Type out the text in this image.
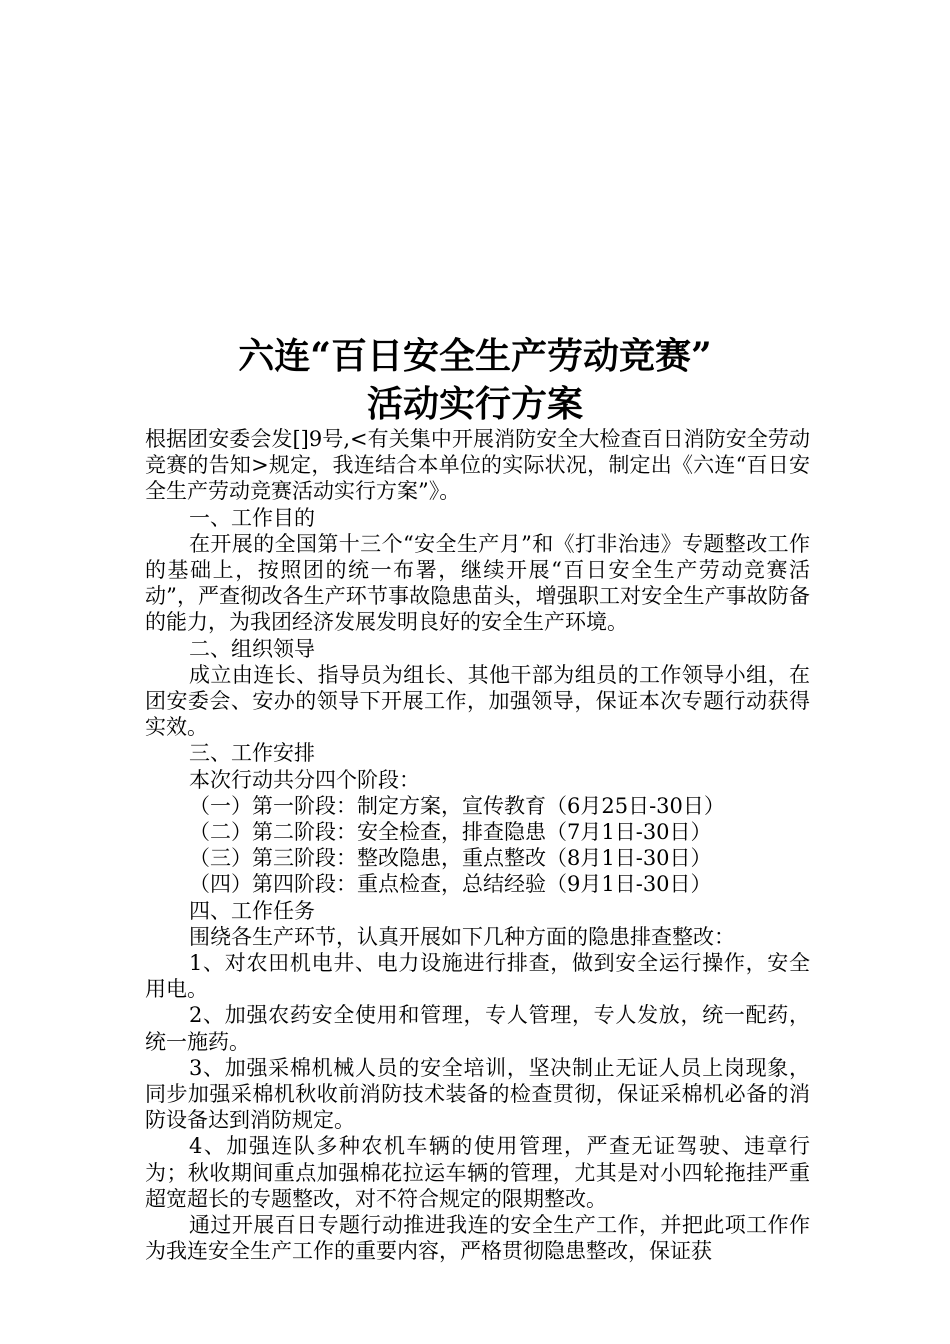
六连“百日安全生产劳动竞赛”
活动实行方案

根据团安委会发[]9号,<有关集中开展消防安全大检查百日消防安全劳动竞赛的告知>规定，我连结合本单位的实际状况，制定出《六连“百日安全生产劳动竞赛活动实行方案”》。

一、工作目的

在开展的全国第十三个“安全生产月”和《打非治违》专题整改工作的基础上，按照团的统一布署，继续开展“百日安全生产劳动竞赛活动”，严查彻改各生产环节事故隐患苗头，增强职工对安全生产事故防备的能力，为我团经济发展发明良好的安全生产环境。

二、组织领导

成立由连长、指导员为组长、其他干部为组员的工作领导小组，在团安委会、安办的领导下开展工作，加强领导，保证本次专题行动获得实效。

三、工作安排

本次行动共分四个阶段：

（一）第一阶段：制定方案，宣传教育（6月25日-30日）

（二）第二阶段：安全检查，排查隐患（7月1日-30日）

（三）第三阶段：整改隐患，重点整改（8月1日-30日）

（四）第四阶段：重点检查，总结经验（9月1日-30日）

四、工作任务

围绕各生产环节，认真开展如下几种方面的隐患排查整改：

1、对农田机电井、电力设施进行排查，做到安全运行操作，安全用电。

2、加强农药安全使用和管理，专人管理，专人发放，统一配药，统一施药。

3、加强采棉机械人员的安全培训，坚决制止无证人员上岗现象，同步加强采棉机秋收前消防技术装备的检查贯彻，保证采棉机必备的消防设备达到消防规定。

4、加强连队多种农机车辆的使用管理，严查无证驾驶、违章行为；秋收期间重点加强棉花拉运车辆的管理，尤其是对小四轮拖挂严重超宽超长的专题整改，对不符合规定的限期整改。

通过开展百日专题行动推进我连的安全生产工作，并把此项工作作为我连安全生产工作的重要内容，严格贯彻隐患整改，保证获
